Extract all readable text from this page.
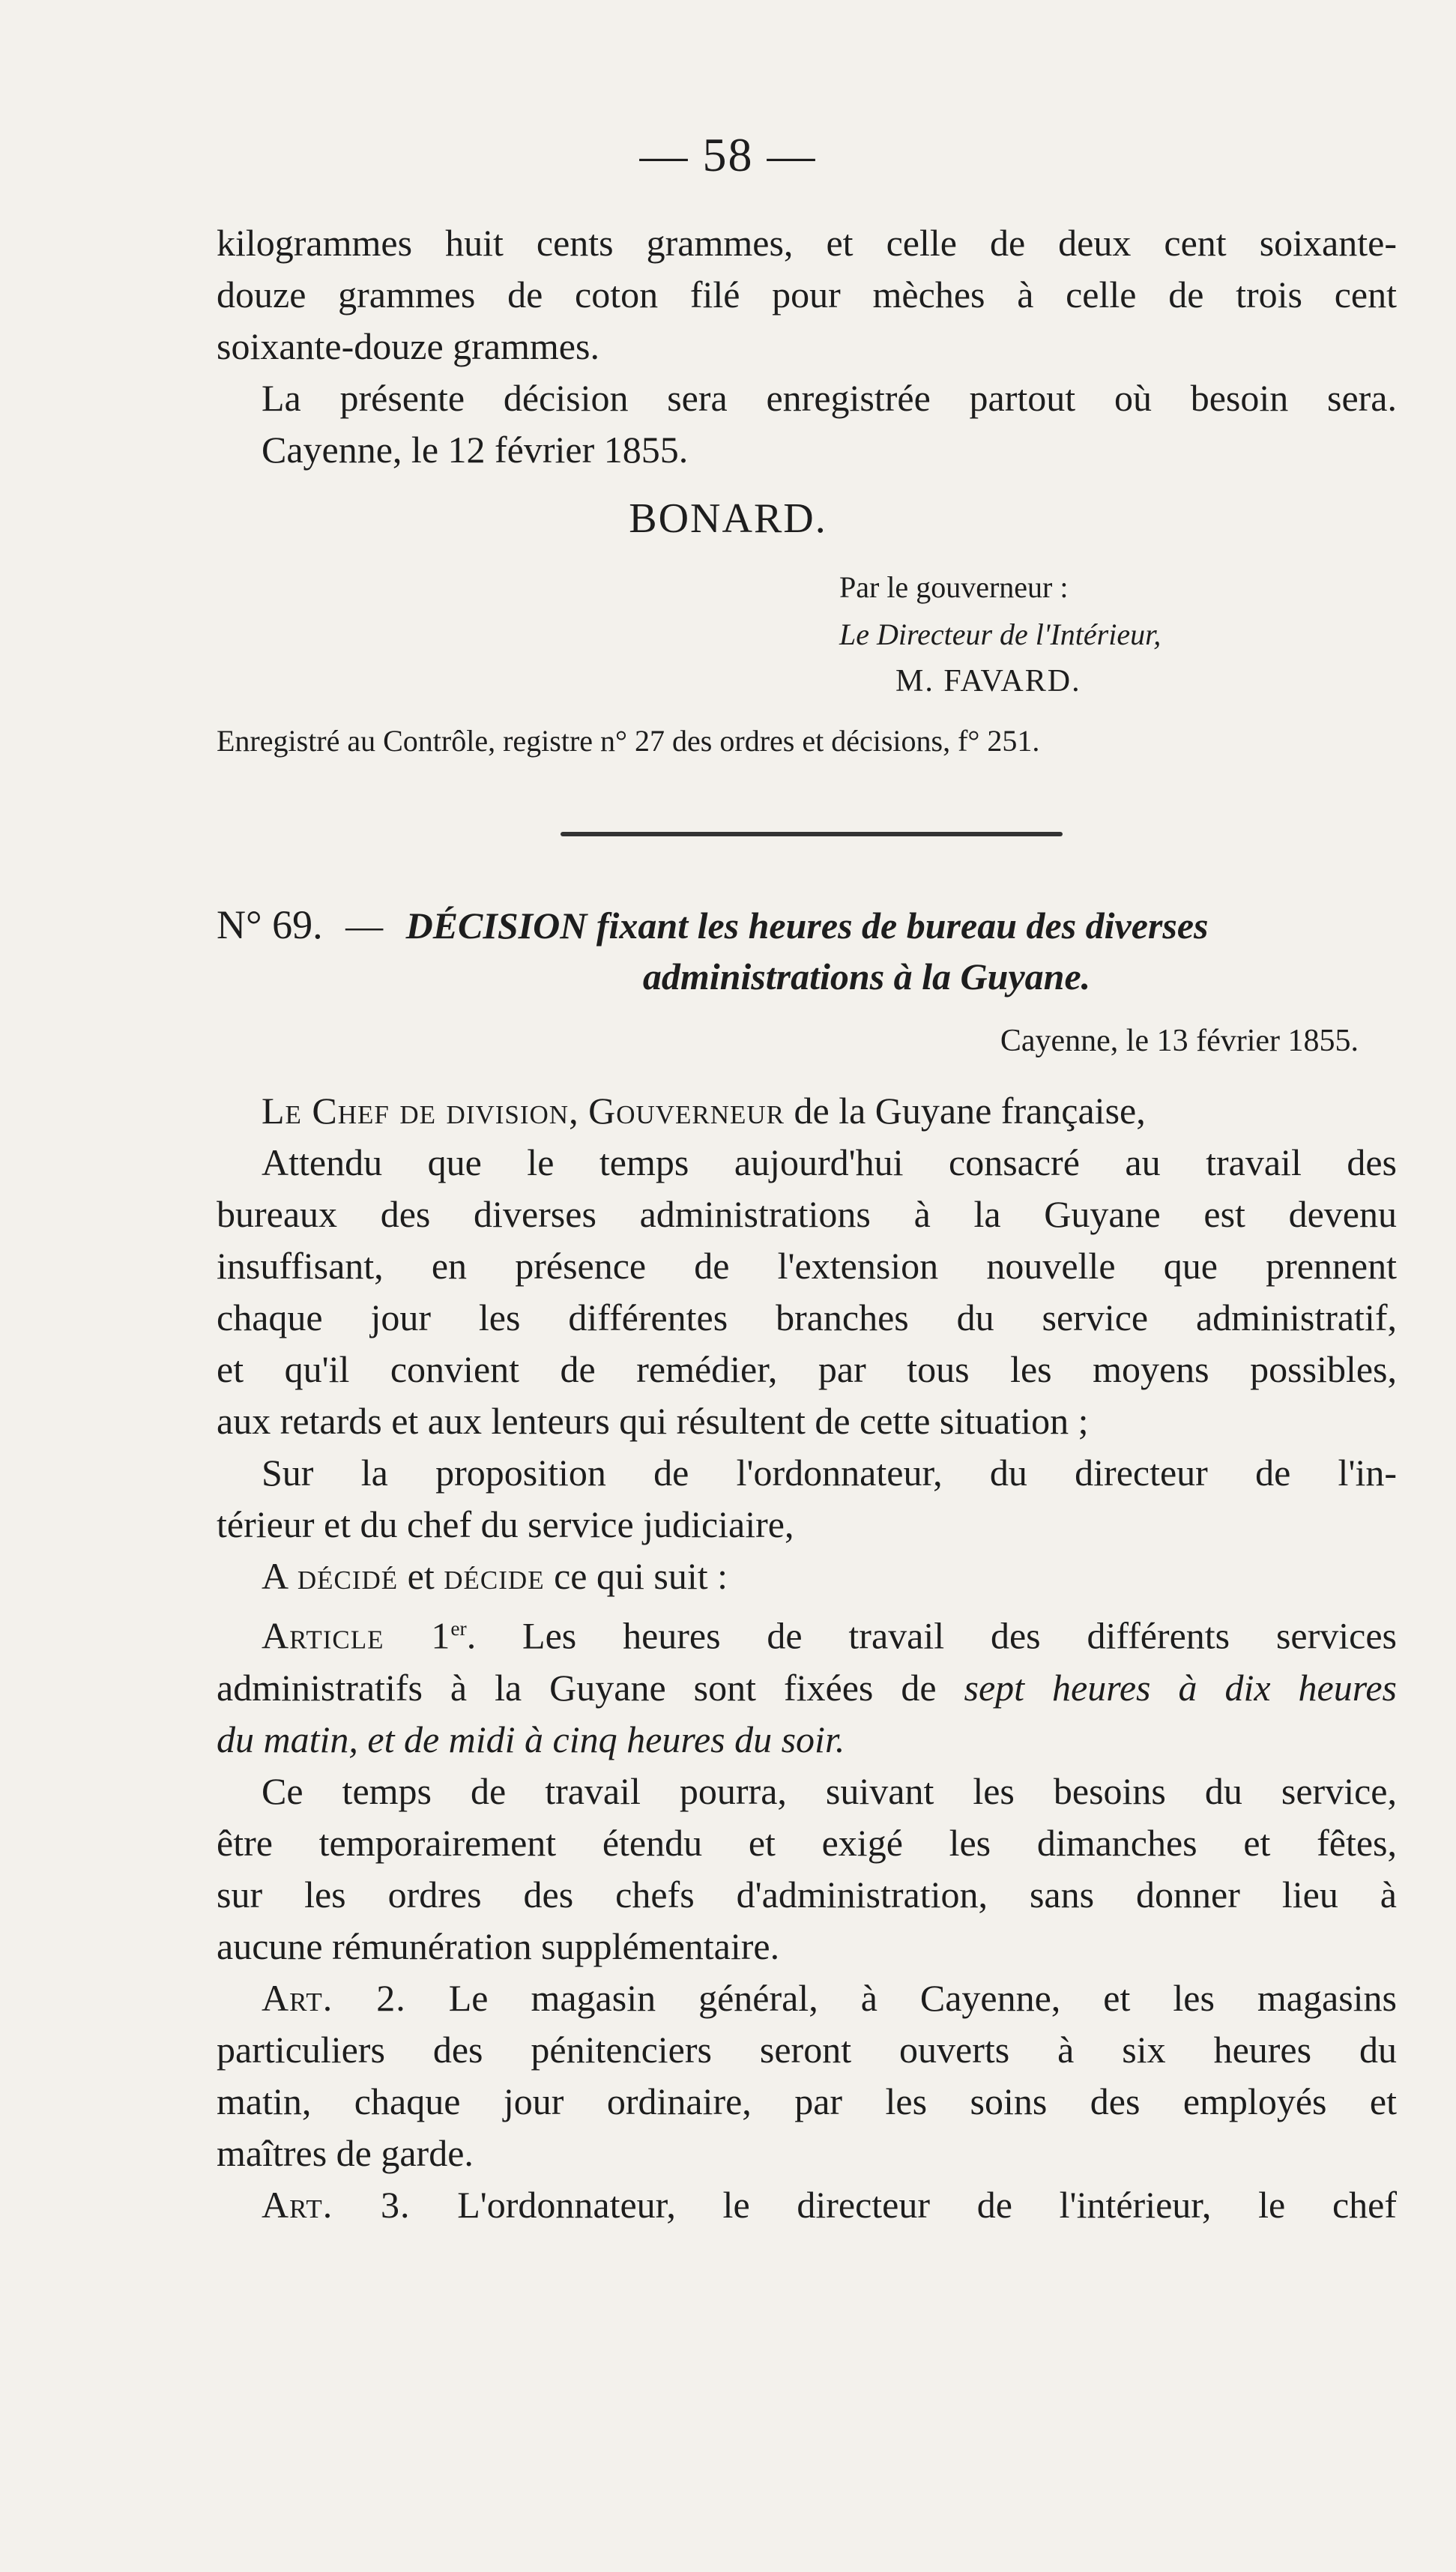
— 58 —
kilogrammes huit cents grammes, et celle de deux cent soixante-
douze grammes de coton filé pour mèches à celle de trois cent
soixante-douze grammes.
La présente décision sera enregistrée partout où besoin sera.
Cayenne, le 12 février 1855.
BONARD.
Par le gouverneur :
Le Directeur de l'Intérieur,
M. FAVARD.
Enregistré au Contrôle, registre n° 27 des ordres et décisions, f° 251.
N° 69. — DÉCISION fixant les heures de bureau des diverses
administrations à la Guyane.
Cayenne, le 13 février 1855.
Le Chef de division, Gouverneur de la Guyane française,
Attendu que le temps aujourd'hui consacré au travail des
bureaux des diverses administrations à la Guyane est devenu
insuffisant, en présence de l'extension nouvelle que prennent
chaque jour les différentes branches du service administratif,
et qu'il convient de remédier, par tous les moyens possibles,
aux retards et aux lenteurs qui résultent de cette situation ;
Sur la proposition de l'ordonnateur, du directeur de l'in-
térieur et du chef du service judiciaire,
A décidé et décide ce qui suit :
Article 1er. Les heures de travail des différents services
administratifs à la Guyane sont fixées de sept heures à dix heures
du matin, et de midi à cinq heures du soir.
Ce temps de travail pourra, suivant les besoins du service,
être temporairement étendu et exigé les dimanches et fêtes,
sur les ordres des chefs d'administration, sans donner lieu à
aucune rémunération supplémentaire.
Art. 2. Le magasin général, à Cayenne, et les magasins
particuliers des pénitenciers seront ouverts à six heures du
matin, chaque jour ordinaire, par les soins des employés et
maîtres de garde.
Art. 3. L'ordonnateur, le directeur de l'intérieur, le chef
